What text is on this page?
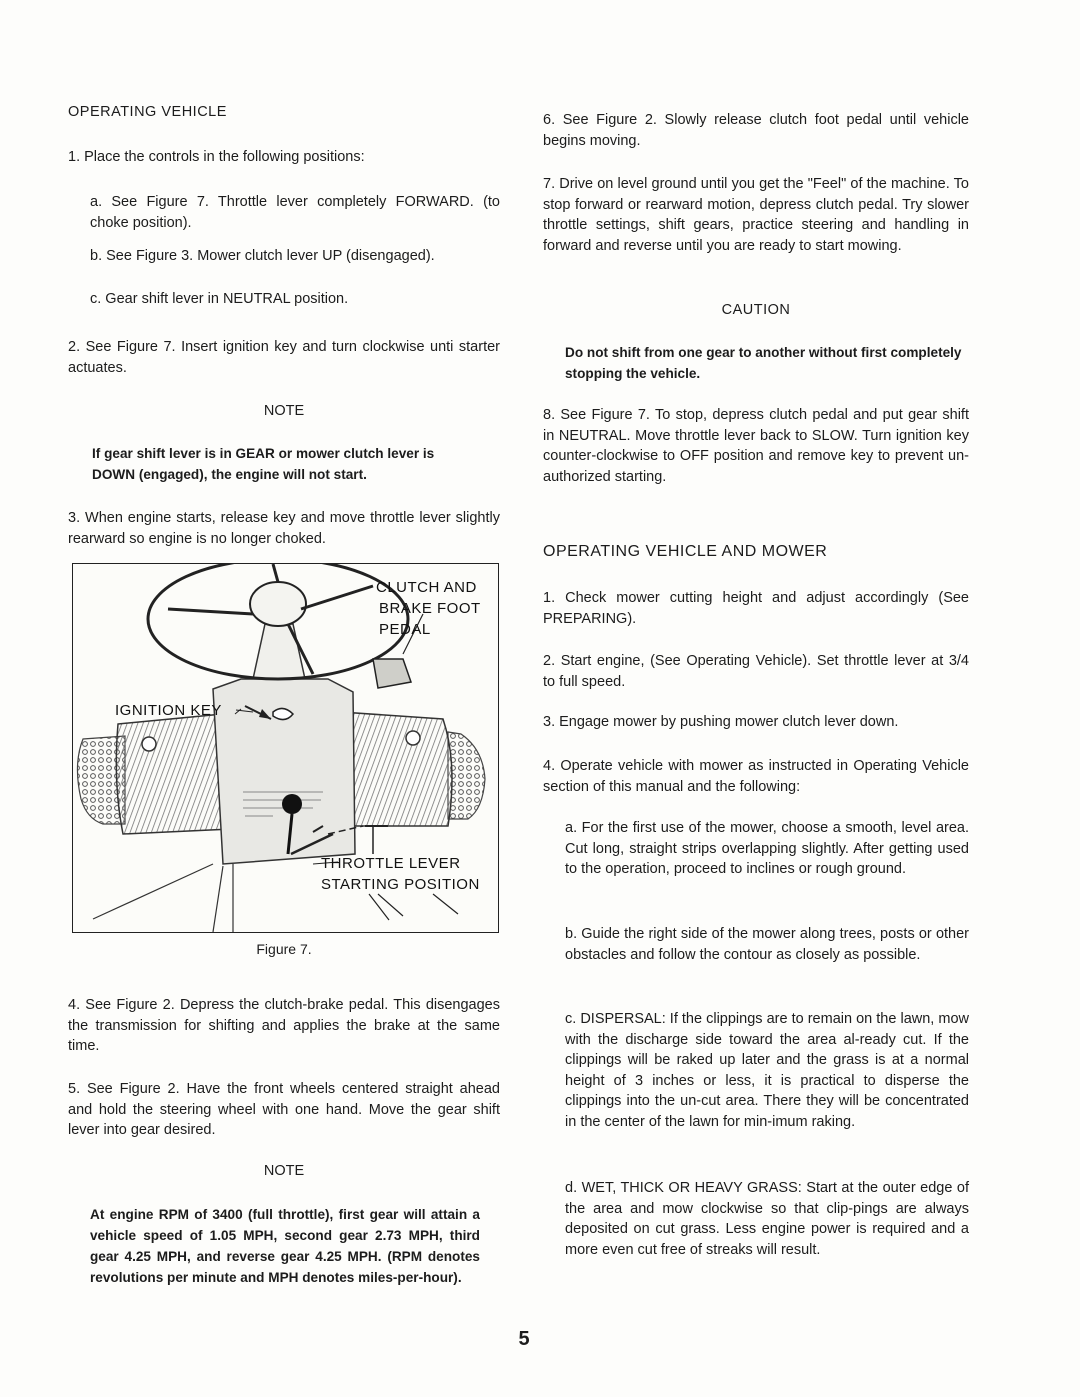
OPERATING VEHICLE

1. Place the controls in the following positions:

a. See Figure 7. Throttle lever completely FORWARD. (to choke position).

b. See Figure 3. Mower clutch lever UP (disengaged).

c. Gear shift lever in NEUTRAL position.

2. See Figure 7. Insert ignition key and turn clockwise unti starter actuates.

NOTE

If gear shift lever is in GEAR or mower clutch lever is DOWN (engaged), the engine will not start.

3. When engine starts, release key and move throttle lever slightly rearward so engine is no longer choked.

4. See Figure 2. Depress the clutch-brake pedal. This disengages the transmission for shifting and applies the brake at the same time.

5. See Figure 2. Have the front wheels centered straight ahead and hold the steering wheel with one hand. Move the gear shift lever into gear desired.

NOTE

At engine RPM of 3400 (full throttle), first gear will attain a vehicle speed of 1.05 MPH, second gear 2.73 MPH, third gear 4.25 MPH, and reverse gear 4.25 MPH. (RPM denotes revolutions per minute and MPH denotes miles-per-hour).

CLUTCH AND
BRAKE FOOT
PEDAL
IGNITION KEY
THROTTLE LEVER
STARTING POSITION
Figure 7.

6. See Figure 2. Slowly release clutch foot pedal until vehicle begins moving.

7. Drive on level ground until you get the "Feel" of the machine. To stop forward or rearward motion, depress clutch pedal. Try slower throttle settings, shift gears, practice steering and handling in forward and reverse until you are ready to start mowing.

CAUTION

Do not shift from one gear to another without first completely stopping the vehicle.

8. See Figure 7. To stop, depress clutch pedal and put gear shift in NEUTRAL. Move throttle lever back to SLOW. Turn ignition key counter-clockwise to OFF position and remove key to prevent un-authorized starting.

OPERATING VEHICLE AND MOWER

1. Check mower cutting height and adjust accordingly (See PREPARING).

2. Start engine, (See Operating Vehicle). Set throttle lever at 3/4 to full speed.

3. Engage mower by pushing mower clutch lever down.

4. Operate vehicle with mower as instructed in Operating Vehicle section of this manual and the following:

a. For the first use of the mower, choose a smooth, level area. Cut long, straight strips overlapping slightly. After getting used to the operation, proceed to inclines or rough ground.

b. Guide the right side of the mower along trees, posts or other obstacles and follow the contour as closely as possible.

c. DISPERSAL: If the clippings are to remain on the lawn, mow with the discharge side toward the area al-ready cut. If the clippings will be raked up later and the grass is at a normal height of 3 inches or less, it is practical to disperse the clippings into the un-cut area. There they will be concentrated in the center of the lawn for min-imum raking.

d. WET, THICK OR HEAVY GRASS: Start at the outer edge of the area and mow clockwise so that clip-pings are always deposited on cut grass. Less engine power is required and a more even cut free of streaks will result.

5
